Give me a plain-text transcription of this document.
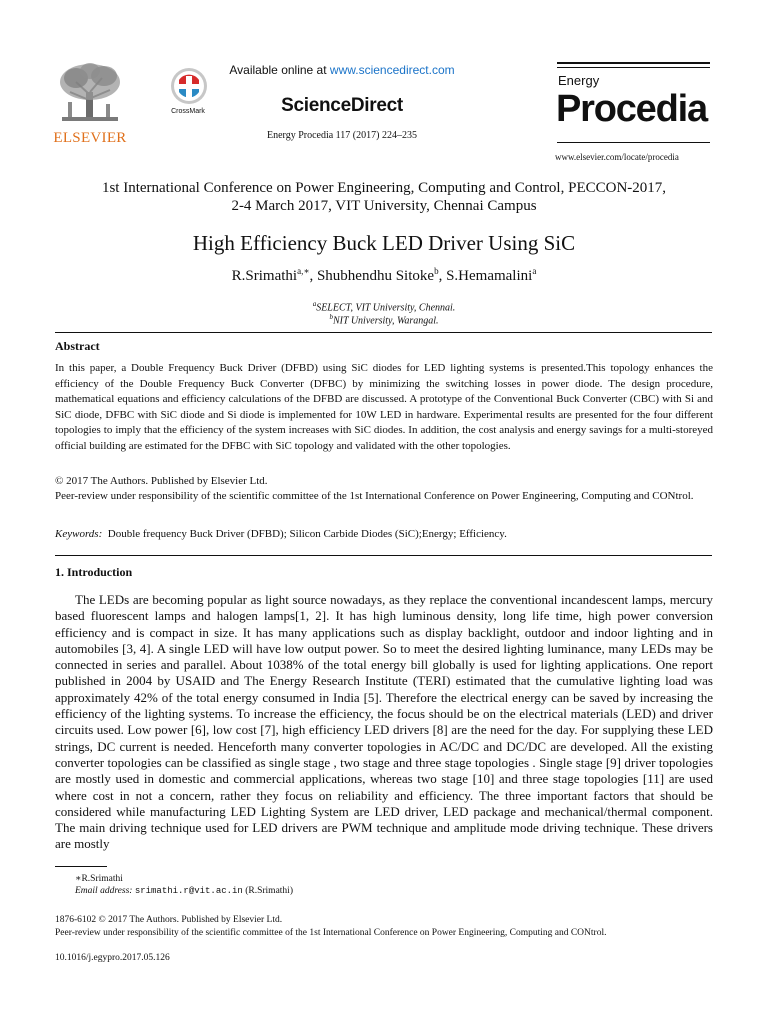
ELSEVIER
CrossMark
Available online at www.sciencedirect.com
ScienceDirect
Energy Procedia 117 (2017) 224–235
Energy
Procedia
www.elsevier.com/locate/procedia
1st International Conference on Power Engineering, Computing and Control, PECCON-2017,
2-4 March 2017, VIT University, Chennai Campus
High Efficiency Buck LED Driver Using SiC
R.Srimathi$^{a,∗}$, Shubhendhu Sitoke$^b$, S.Hemamalini$^a$
$^a$SELECT, VIT University, Chennai.
$^b$NIT University, Warangal.
Abstract
In this paper, a Double Frequency Buck Driver (DFBD) using SiC diodes for LED lighting systems is presented.This topology enhances the efficiency of the Double Frequency Buck Converter (DFBC) by minimizing the switching losses in power diode. The design procedure, mathematical equations and efficiency calculations of the DFBD are discussed. A prototype of the Conventional Buck Converter (CBC) with Si and SiC diode, DFBC with SiC diode and Si diode is implemented for 10W LED in hardware. Experimental results are presented for the four different topologies to imply that the efficiency of the system increases with SiC diodes. In addition, the cost analysis and energy savings for a multi-storeyed official building are estimated for the DFBC with SiC topology and validated with the other topologies.
© 2017 The Authors. Published by Elsevier Ltd.
Peer-review under responsibility of the scientific committee of the 1st International Conference on Power Engineering, Computing and CONtrol.
Keywords: Double frequency Buck Driver (DFBD); Silicon Carbide Diodes (SiC);Energy; Efficiency.
1. Introduction
The LEDs are becoming popular as light source nowadays, as they replace the conventional incandescent lamps, mercury based fluorescent lamps and halogen lamps[1, 2]. It has high luminous density, long life time, high power conversion efficiency and is compact in size. It has many applications such as display backlight, outdoor and indoor lighting and in automobiles [3, 4]. A single LED will have low output power. So to meet the desired lighting luminance, many LEDs may be connected in series and parallel. About 1038% of the total energy bill globally is used for lighting applications. One report published in 2004 by USAID and The Energy Research Institute (TERI) estimated that the cumulative lighting load was approximately 42% of the total energy consumed in India [5]. Therefore the electrical energy can be saved by increasing the efficiency of the lighting systems. To increase the efficiency, the focus should be on the electrical materials (LED) and driver circuits used. Low power [6], low cost [7], high efficiency LED drivers [8] are the need for the day. For supplying these LED strings, DC current is needed. Henceforth many converter topologies in AC/DC and DC/DC are developed. All the existing converter topologies can be classified as single stage , two stage and three stage topologies . Single stage [9] driver topologies are mostly used in domestic and commercial applications, whereas two stage [10] and three stage topologies [11] are used where cost in not a concern, rather they focus on reliability and efficiency. The three important factors that should be considered while manufacturing LED Lighting System are LED driver, LED package and mechanical/thermal component. The main driving technique used for LED drivers are PWM technique and amplitude mode driving technique. These drivers are mostly
∗R.Srimathi
Email address: srimathi.r@vit.ac.in (R.Srimathi)
1876-6102 © 2017 The Authors. Published by Elsevier Ltd.
Peer-review under responsibility of the scientific committee of the 1st International Conference on Power Engineering, Computing and CONtrol.
10.1016/j.egypro.2017.05.126
